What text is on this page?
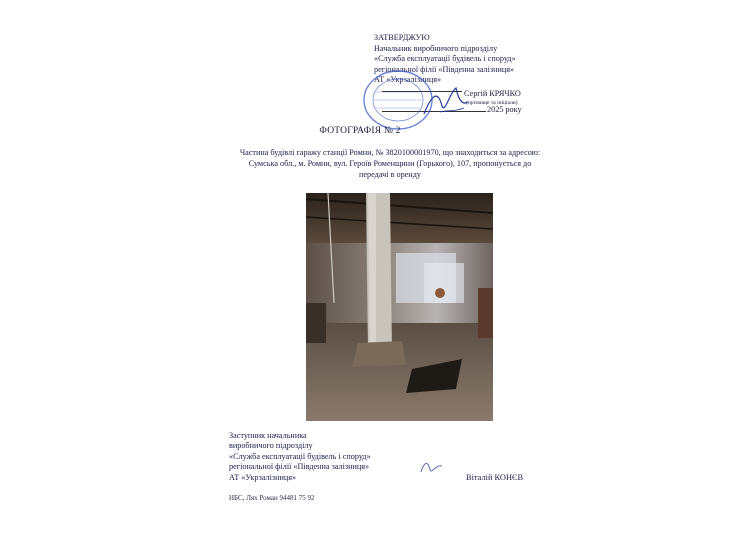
ЗАТВЕРДЖУЮ
Начальник виробничого підрозділу
«Служба експлуатації будівель і споруд»
регіональної філії «Південна залізниця»
АТ «Укрзалізниця»
Сергій КРЯЧКО
(прізвище та ініціали)
2025 року
ФОТОГРАФІЯ № 2
Частина будівлі гаражу станції Ромни, № 3820100001970, що знаходиться за адресою: Сумська обл., м. Ромни, вул. Героїв Роменщини (Горького), 107, пропонується до передачі в оренду
Заступник начальника
виробничого підрозділу
«Служба експлуатації будівель і споруд»
регіональної філії «Південна залізниця»
АТ «Укрзалізниця»	Віталій КОНЄВ
НБС, Лях Роман 94481 75 92
